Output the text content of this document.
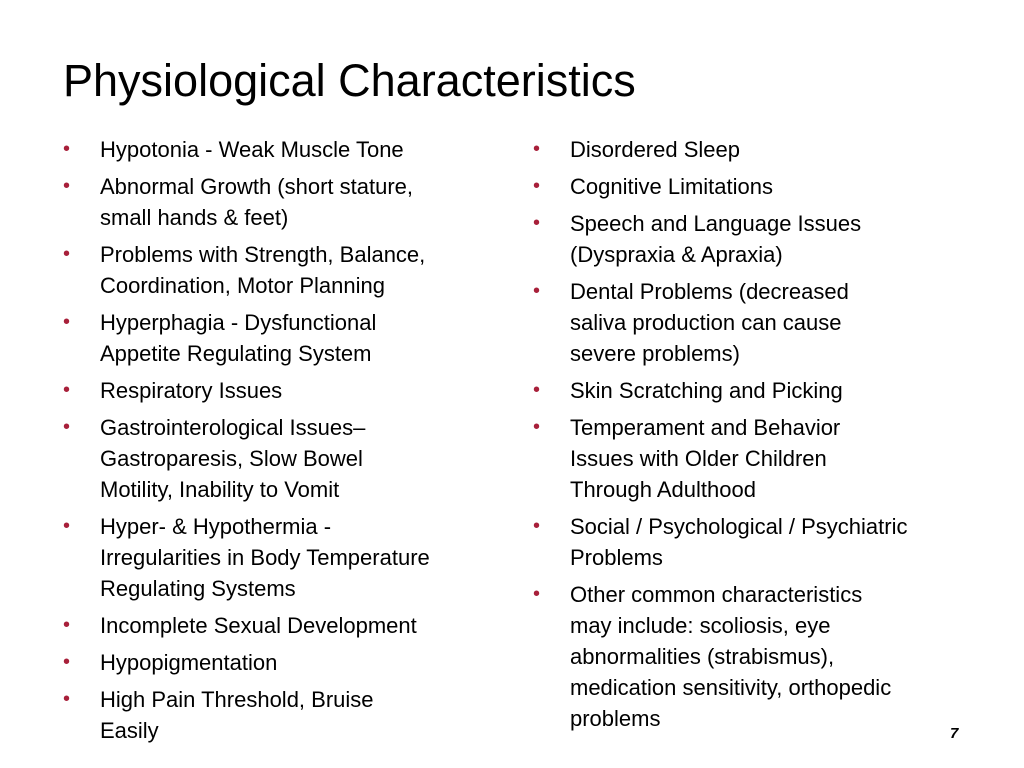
Physiological Characteristics
• Hypotonia - Weak Muscle Tone
• Abnormal Growth (short stature,
small hands & feet)
• Problems with Strength, Balance,
Coordination, Motor Planning
• Hyperphagia - Dysfunctional
Appetite Regulating System
• Respiratory Issues
• Gastrointerological Issues–
Gastroparesis, Slow Bowel
Motility, Inability to Vomit
• Hyper- & Hypothermia -
Irregularities in Body Temperature
Regulating Systems
• Incomplete Sexual Development
• Hypopigmentation
• High Pain Threshold, Bruise
Easily
• Disordered Sleep
• Cognitive Limitations
• Speech and Language Issues
(Dyspraxia & Apraxia)
• Dental Problems (decreased
saliva production can cause
severe problems)
• Skin Scratching and Picking
• Temperament and Behavior
Issues with Older Children
Through Adulthood
• Social / Psychological / Psychiatric
Problems
• Other common characteristics
may include: scoliosis, eye
abnormalities (strabismus),
medication sensitivity, orthopedic
problems
7
